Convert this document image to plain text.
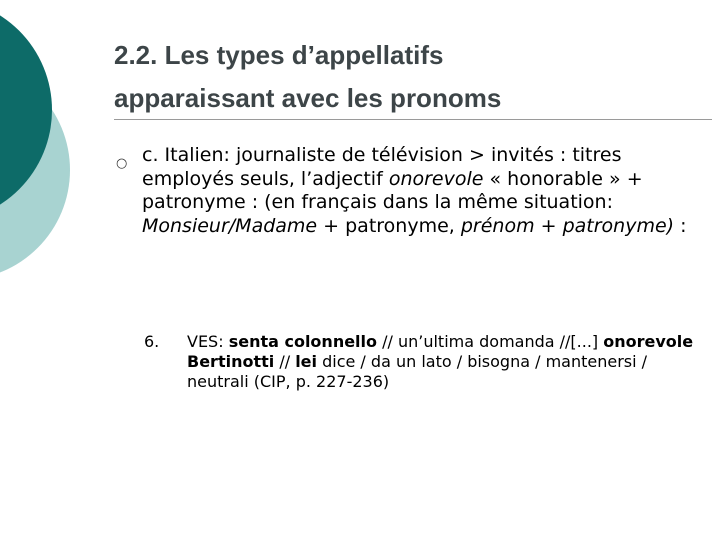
2.2. Les types d’appellatifs
apparaissant avec les pronoms
○ c. Italien: journaliste de télévision > invités : titres employés seuls, l’adjectif onorevole « honorable » + patronyme : (en français dans la même situation: Monsieur/Madame + patronyme, prénom + patronyme) :

6. VES: senta colonnello // un’ultima domanda //[...] onorevole Bertinotti // lei dice / da un lato / bisogna / mantenersi / neutrali (CIP, p. 227-236)
